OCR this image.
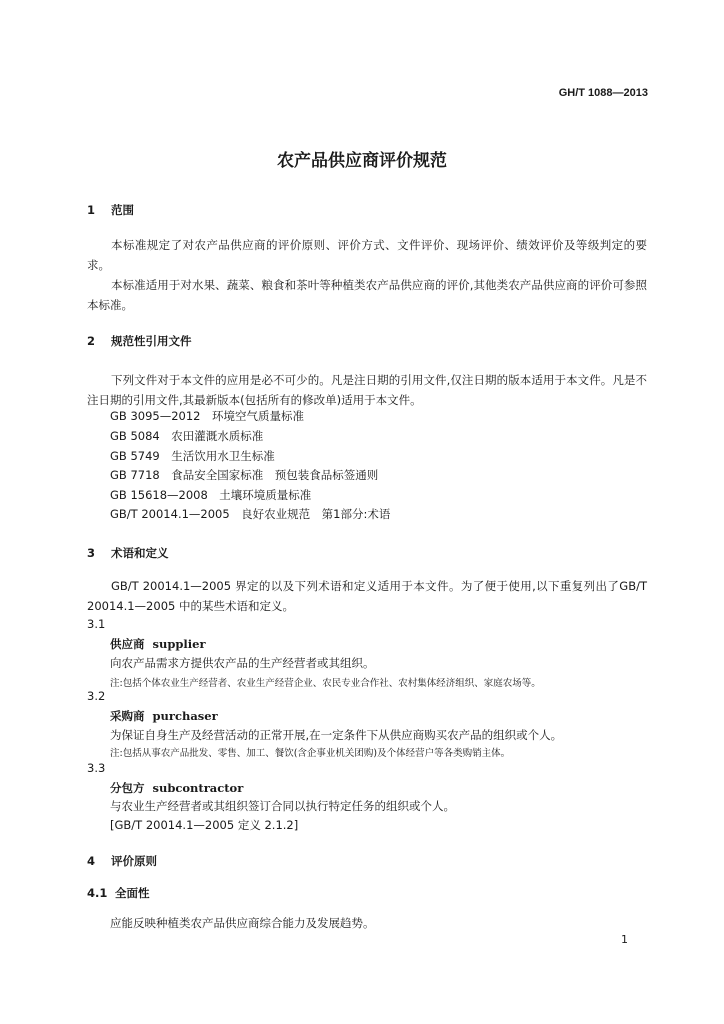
GH/T 1088—2013
农产品供应商评价规范
1 范围
本标准规定了对农产品供应商的评价原则、评价方式、文件评价、现场评价、绩效评价及等级判定的要求。
本标准适用于对水果、蔬菜、粮食和茶叶等种植类农产品供应商的评价,其他类农产品供应商的评价可参照本标准。
2 规范性引用文件
下列文件对于本文件的应用是必不可少的。凡是注日期的引用文件,仅注日期的版本适用于本文件。凡是不注日期的引用文件,其最新版本(包括所有的修改单)适用于本文件。
GB 3095—2012　环境空气质量标准
GB 5084　农田灌溉水质标准
GB 5749　生活饮用水卫生标准
GB 7718　食品安全国家标准　预包装食品标签通则
GB 15618—2008　土壤环境质量标准
GB/T 20014.1—2005　良好农业规范　第1部分:术语
3 术语和定义
GB/T 20014.1—2005 界定的以及下列术语和定义适用于本文件。为了便于使用,以下重复列出了GB/T 20014.1—2005 中的某些术语和定义。
3.1
供应商 supplier
向农产品需求方提供农产品的生产经营者或其组织。
注:包括个体农业生产经营者、农业生产经营企业、农民专业合作社、农村集体经济组织、家庭农场等。
3.2
采购商 purchaser
为保证自身生产及经营活动的正常开展,在一定条件下从供应商购买农产品的组织或个人。
注:包括从事农产品批发、零售、加工、餐饮(含企事业机关团购)及个体经营户等各类购销主体。
3.3
分包方 subcontractor
与农业生产经营者或其组织签订合同以执行特定任务的组织或个人。
[GB/T 20014.1—2005 定义 2.1.2]
4 评价原则
4.1 全面性
应能反映种植类农产品供应商综合能力及发展趋势。
1
